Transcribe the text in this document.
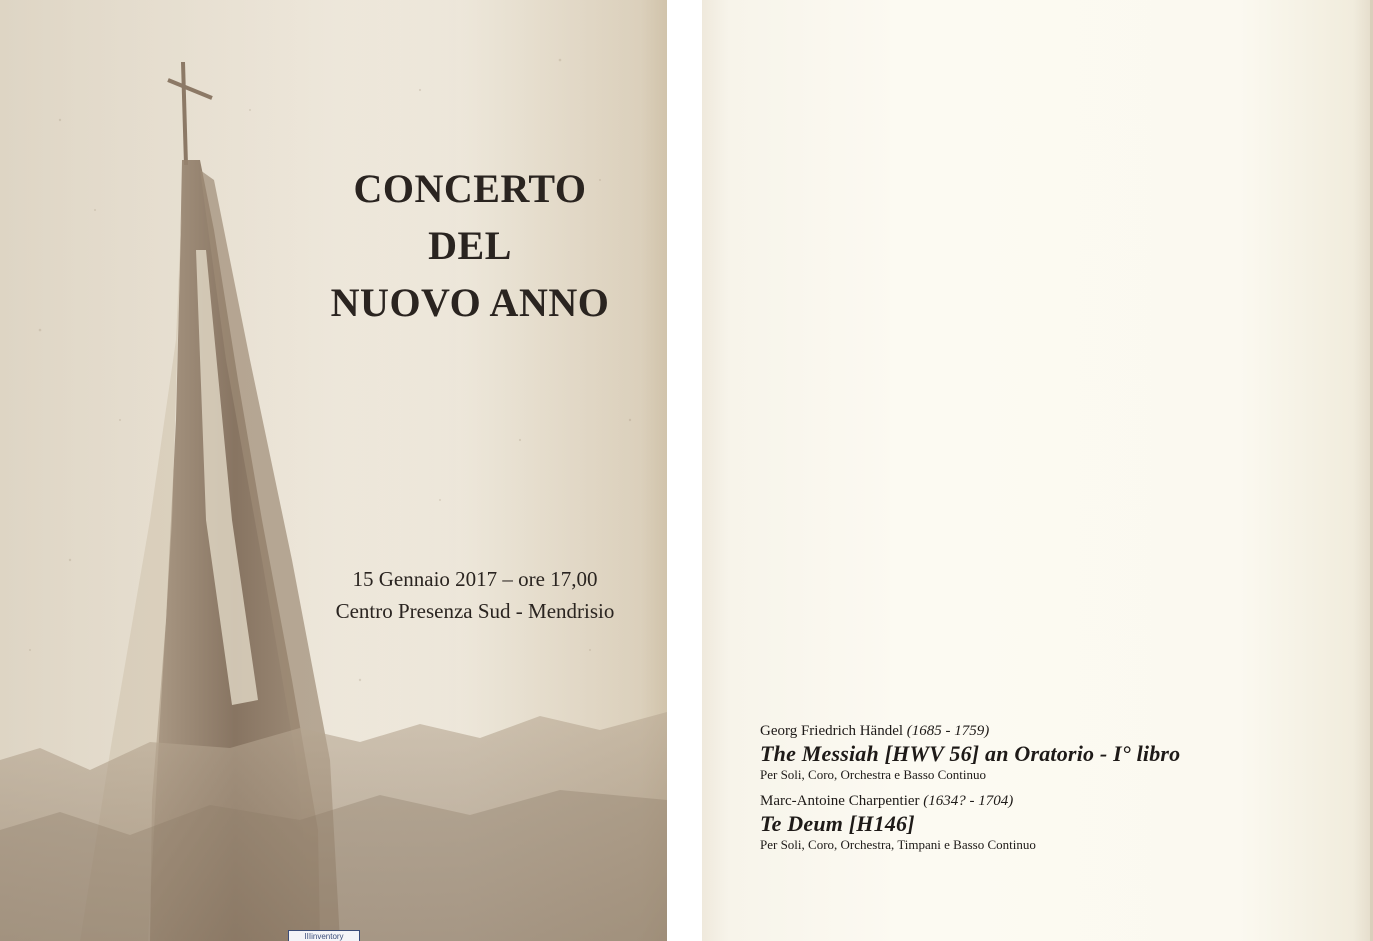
CONCERTO
DEL
NUOVO ANNO
15 Gennaio 2017 – ore 17,00
Centro Presenza Sud - Mendrisio
IIIinventory
Georg Friedrich Händel (1685 - 1759)
The Messiah [HWV 56] an Oratorio - I° libro
Per Soli, Coro, Orchestra e Basso Continuo
Marc-Antoine Charpentier (1634? - 1704)
Te Deum [H146]
Per Soli, Coro, Orchestra, Timpani e Basso Continuo
